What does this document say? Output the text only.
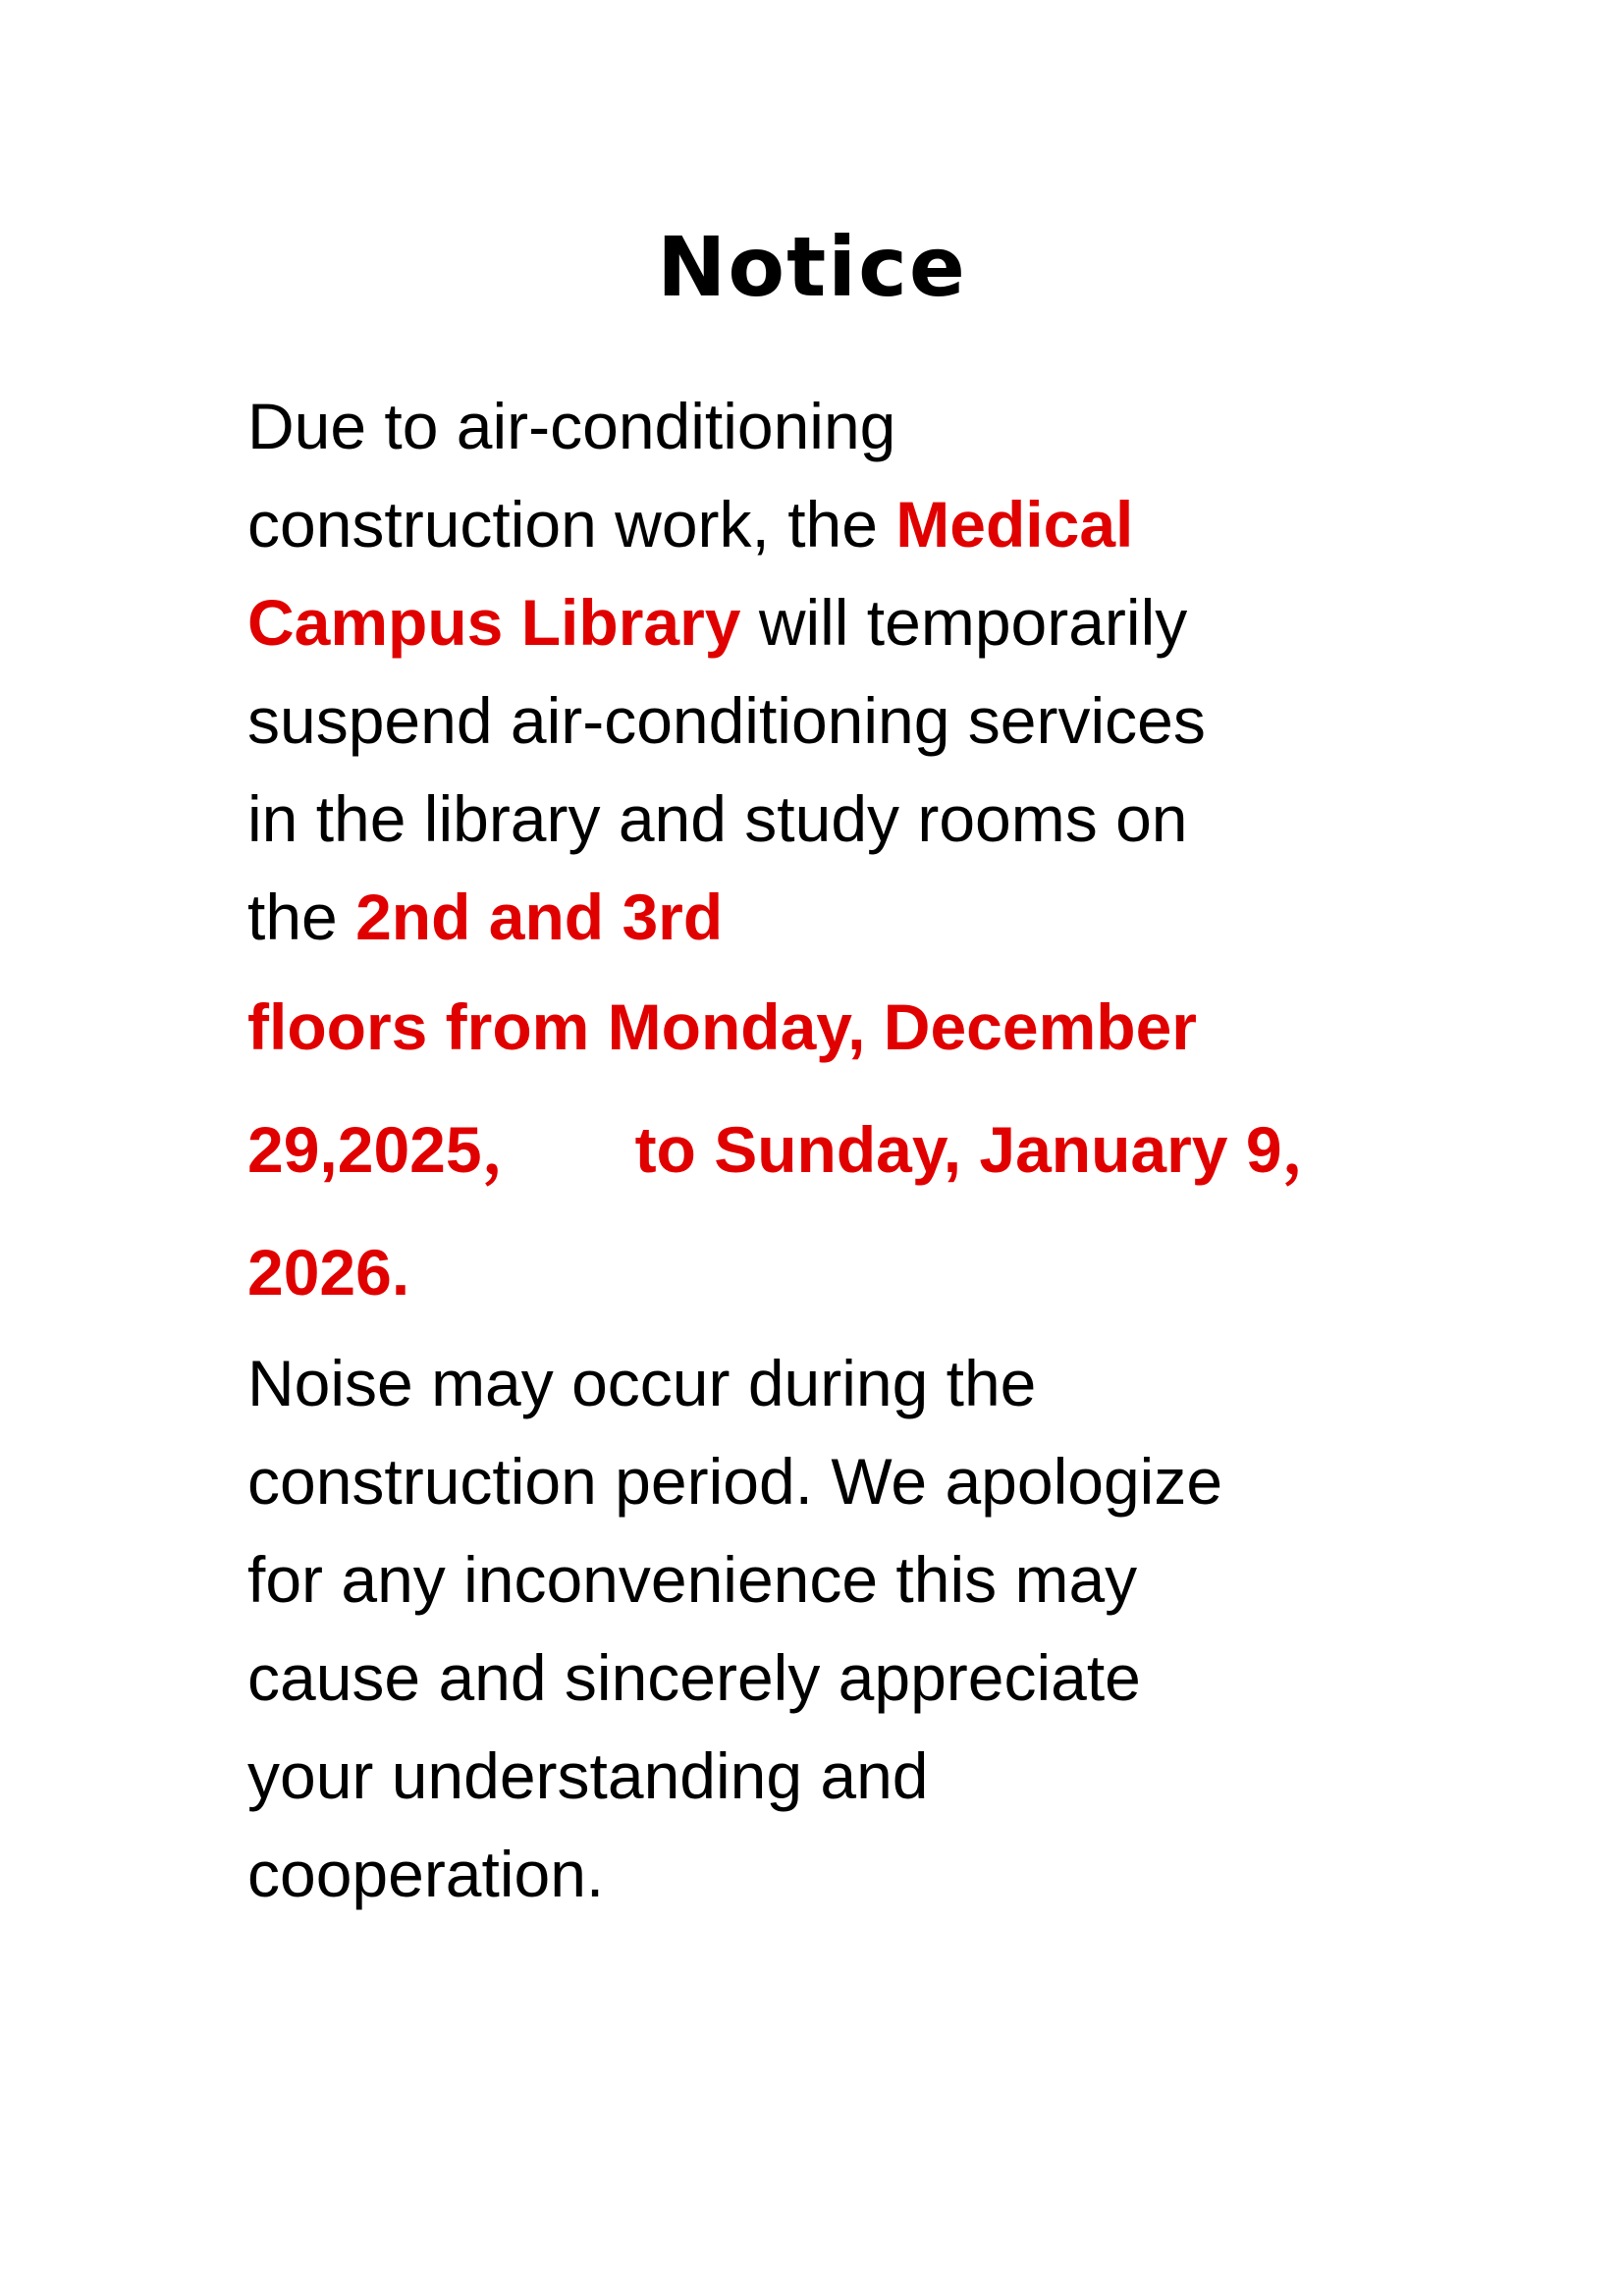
Notice
Due to air-conditioning
construction work, the Medical
Campus Library will temporarily
suspend air-conditioning services
in the library and study rooms on
the 2nd and 3rd
floors from Monday, December
29,2025， to Sunday, January 9，
2026.
Noise may occur during the
construction period. We apologize
for any inconvenience this may
cause and sincerely appreciate
your understanding and
cooperation.
